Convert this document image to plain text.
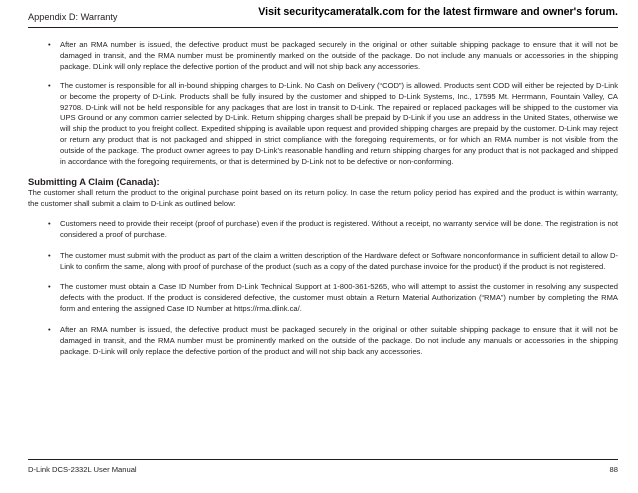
Appendix D: Warranty	Visit securitycameratalk.com for the latest firmware and owner's forum.
• After an RMA number is issued, the defective product must be packaged securely in the original or other suitable shipping package to ensure that it will not be damaged in transit, and the RMA number must be prominently marked on the outside of the package. Do not include any manuals or accessories in the shipping package. DLink will only replace the defective portion of the product and will not ship back any accessories.
• The customer is responsible for all in-bound shipping charges to D-Link. No Cash on Delivery (“COD”) is allowed. Products sent COD will either be rejected by D-Link or become the property of D-Link. Products shall be fully insured by the customer and shipped to D-Link Systems, Inc., 17595 Mt. Herrmann, Fountain Valley, CA 92708. D-Link will not be held responsible for any packages that are lost in transit to D-Link. The repaired or replaced packages will be shipped to the customer via UPS Ground or any common carrier selected by D-Link. Return shipping charges shall be prepaid by D-Link if you use an address in the United States, otherwise we will ship the product to you freight collect. Expedited shipping is available upon request and provided shipping charges are prepaid by the customer. D-Link may reject or return any product that is not packaged and shipped in strict compliance with the foregoing requirements, or for which an RMA number is not visible from the outside of the package. The product owner agrees to pay D-Link’s reasonable handling and return shipping charges for any product that is not packaged and shipped in accordance with the foregoing requirements, or that is determined by D-Link not to be defective or non-conforming.
Submitting A Claim (Canada):

The customer shall return the product to the original purchase point based on its return policy. In case the return policy period has expired and the product is within warranty, the customer shall submit a claim to D-Link as outlined below:

• Customers need to provide their receipt (proof of purchase) even if the product is registered. Without a receipt, no warranty service will be done. The registration is not considered a proof of purchase.
• The customer must submit with the product as part of the claim a written description of the Hardware defect or Software nonconformance in sufficient detail to allow D-Link to confirm the same, along with proof of purchase of the product (such as a copy of the dated purchase invoice for the product) if the product is not registered.
• The customer must obtain a Case ID Number from D-Link Technical Support at 1-800-361-5265, who will attempt to assist the customer in resolving any suspected defects with the product. If the product is considered defective, the customer must obtain a Return Material Authorization (“RMA”) number by completing the RMA form and entering the assigned Case ID Number at https://rma.dlink.ca/.
• After an RMA number is issued, the defective product must be packaged securely in the original or other suitable shipping package to ensure that it will not be damaged in transit, and the RMA number must be prominently marked on the outside of the package. Do not include any manuals or accessories in the shipping package. D-Link will only replace the defective portion of the product and will not ship back any accessories.
D-Link DCS-2332L User Manual	88
